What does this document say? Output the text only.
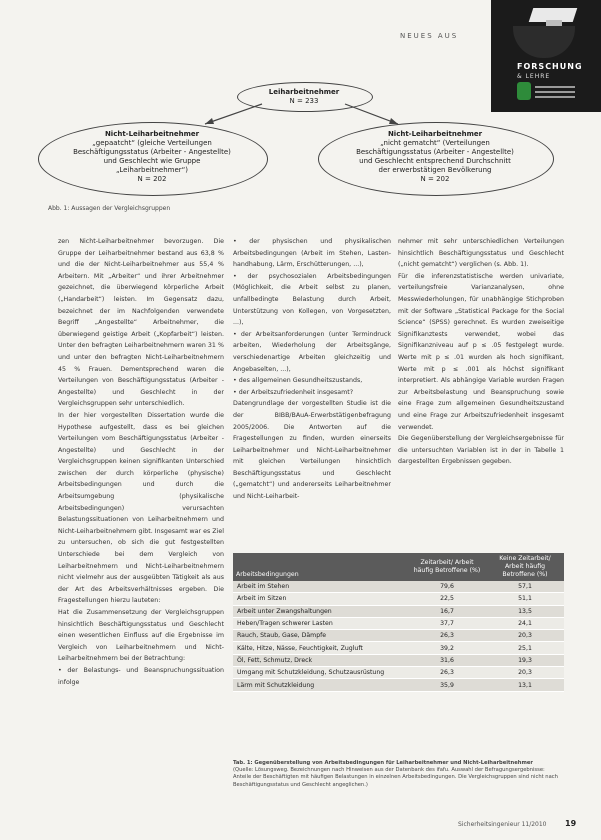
NEUES AUS
FORSCHUNG
& LEHRE
Leiharbeitnehmer
N = 233
Nicht-Leiharbeitnehmer
„gepaatcht“ (gleiche Verteilungen
Beschäftigungsstatus (Arbeiter - Angestellte)
und Geschlecht wie Gruppe
„Leiharbeitnehmer“)
N = 202
Nicht-Leiharbeitnehmer
„nicht gematcht“ (Verteilungen
Beschäftigungsstatus (Arbeiter - Angestellte)
und Geschlecht entsprechend Durchschnitt
der erwerbstätigen Bevölkerung
N = 202
Abb. 1: Aussagen der Vergleichsgruppen

zen Nicht-Leiharbeitnehmer bevorzugen. Die Gruppe der Leiharbeitnehmer bestand aus 63,8 % und die der Nicht-Leiharbeitnehmer aus 55,4 % Arbeitern. Mit „Arbeiter“ und ihrer Arbeitnehmer gezeichnet, die überwiegend körperliche Arbeit („Handarbeit“) leisten. Im Gegensatz dazu, bezeichnet der im Nachfolgenden verwendete Begriff „Angestellte“ Arbeitnehmer, die überwiegend geistige Arbeit („Kopfarbeit“) leisten. Unter den befragten Leiharbeitnehmern waren 31 % und unter den befragten Nicht-Leiharbeitnehmern 45 % Frauen. Dementsprechend waren die Verteilungen von Beschäftigungsstatus (Arbeiter - Angestellte) und Geschlecht in der Vergleichsgruppen sehr unterschiedlich.

In der hier vorgestellten Dissertation wurde die Hypothese aufgestellt, dass es bei gleichen Verteilungen vom Beschäftigungsstatus (Arbeiter - Angestellte) und Geschlecht in der Vergleichsgruppen keinen signifikanten Unterschied zwischen der durch körperliche (physische) Arbeitsbedingungen und durch die Arbeitsumgebung (physikalische Arbeitsbedingungen) verursachten Belastungssituationen von Leiharbeitnehmern und Nicht-Leiharbeitnehmern gibt. Insgesamt war es Ziel zu untersuchen, ob sich die gut festgestellten Unterschiede bei dem Vergleich von Leiharbeitnehmern und Nicht-Leiharbeitnehmern nicht vielmehr aus der ausgeübten Tätigkeit als aus der Art des Arbeitsverhältnisses ergeben. Die Fragestellungen hierzu lauteten:

Hat die Zusammensetzung der Vergleichsgruppen hinsichtlich Beschäftigungsstatus und Geschlecht einen wesentlichen Einfluss auf die Ergebnisse im Vergleich von Leiharbeitnehmern und Nicht-Leiharbeitnehmern bei der Betrachtung:

• der Belastungs- und Beanspruchungssituation infolge

• der physischen und physikalischen Arbeitsbedingungen (Arbeit im Stehen, Lasten-handhabung, Lärm, Erschütterungen, ...),

• der psychosozialen Arbeitsbedingungen (Möglichkeit, die Arbeit selbst zu planen, unfallbedingte Belastung durch Arbeit, Unterstützung von Kollegen, von Vorgesetzten, ...),

• der Arbeitsanforderungen (unter Termindruck arbeiten, Wiederholung der Arbeitsgänge, verschiedenartige Arbeiten gleichzeitig und Angebaselten, ...),

• des allgemeinen Gesundheitszustands,

• der Arbeitszufriedenheit insgesamt?

Datengrundlage der vorgestellten Studie ist die der BIBB/BAuA-Erwerbstätigenbefragung 2005/2006. Die Antworten auf die Fragestellungen zu finden, wurden einerseits Leiharbeitnehmer und Nicht-Leiharbeitnehmer mit gleichen Verteilungen hinsichtlich Beschäftigungsstatus und Geschlecht („gematcht“) und andererseits Leiharbeitnehmer und Nicht-Leiharbeit-

nehmer mit sehr unterschiedlichen Verteilungen hinsichtlich Beschäftigungsstatus und Geschlecht („nicht gematcht“) verglichen (s. Abb. 1).

Für die inferenzstatistische werden univariate, verteilungsfreie Varianzanalysen, ohne Messwiederholungen, für unabhängige Stichproben mit der Software „Statistical Package for the Social Science“ (SPSS) gerechnet. Es wurden zweiseitige Signifikanztests verwendet, wobei das Signifikanzniveau auf p ≤ .05 festgelegt wurde. Werte mit p ≤ .01 wurden als hoch signifikant, Werte mit p ≤ .001 als höchst signifikant interpretiert. Als abhängige Variable wurden Fragen zur Arbeitsbelastung und Beanspruchung sowie eine Frage zum allgemeinen Gesundheitszustand und eine Frage zur Arbeitszufriedenheit insgesamt verwendet.

Die Gegenüberstellung der Vergleichsergebnisse für die untersuchten Variablen ist in der in Tabelle 1 dargestellten Ergebnissen gegeben.

Arbeitsbedingungen	Zeitarbeit/ Arbeit häufig Betroffene (%)	Keine Zeitarbeit/ Arbeit häufig Betroffene (%)
Arbeit im Stehen	79,6	57,1
Arbeit im Sitzen	22,5	51,1
Arbeit unter Zwangshaltungen	16,7	13,5
Heben/Tragen schwerer Lasten	37,7	24,1
Rauch, Staub, Gase, Dämpfe	26,3	20,3
Kälte, Hitze, Nässe, Feuchtigkeit, Zugluft	39,2	25,1
Öl, Fett, Schmutz, Dreck	31,6	19,3
Umgang mit Schutzkleidung, Schutzausrüstung	26,3	20,3
Lärm mit Schutzkleidung	35,9	13,1
Tab. 1: Gegenüberstellung von Arbeitsbedingungen für Leiharbeitnehmer und Nicht-Leiharbeitnehmer
(Quelle: Lösungsweg. Bezeichnungen nach Hinweisen aus der Datenbank des ifafu. Auswahl der Befragungsergebnisse: Anteile der Beschäftigten mit häufigen Belastungen in einzelnen Arbeitsbedingungen. Die Vergleichsgruppen sind nicht nach Beschäftigungsstatus und Geschlecht angeglichen.)
Sicherheitsingenieur 11/2010 19
